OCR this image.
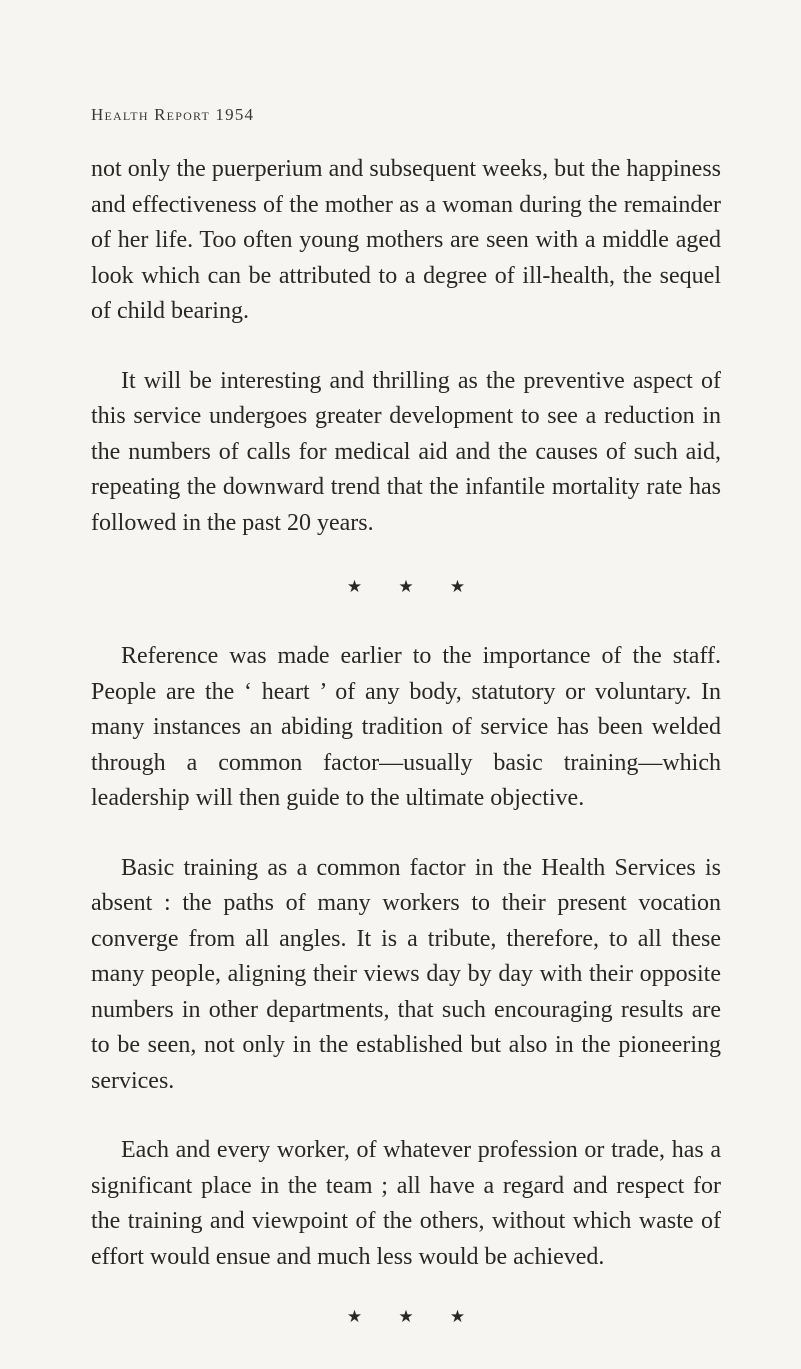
Health Report 1954

not only the puerperium and subsequent weeks, but the happiness and effectiveness of the mother as a woman during the remainder of her life. Too often young mothers are seen with a middle aged look which can be attributed to a degree of ill-health, the sequel of child bearing.

It will be interesting and thrilling as the preventive aspect of this service undergoes greater development to see a reduction in the numbers of calls for medical aid and the causes of such aid, repeating the downward trend that the infantile mortality rate has followed in the past 20 years.

★ ★ ★

Reference was made earlier to the importance of the staff. People are the ‘ heart ’ of any body, statutory or voluntary. In many instances an abiding tradition of service has been welded through a common factor—usually basic training—which leadership will then guide to the ultimate objective.

Basic training as a common factor in the Health Services is absent : the paths of many workers to their present vocation converge from all angles. It is a tribute, therefore, to all these many people, aligning their views day by day with their opposite numbers in other departments, that such encouraging results are to be seen, not only in the established but also in the pioneering services.

Each and every worker, of whatever profession or trade, has a significant place in the team ; all have a regard and respect for the training and viewpoint of the others, without which waste of effort would ensue and much less would be achieved.

★ ★ ★
